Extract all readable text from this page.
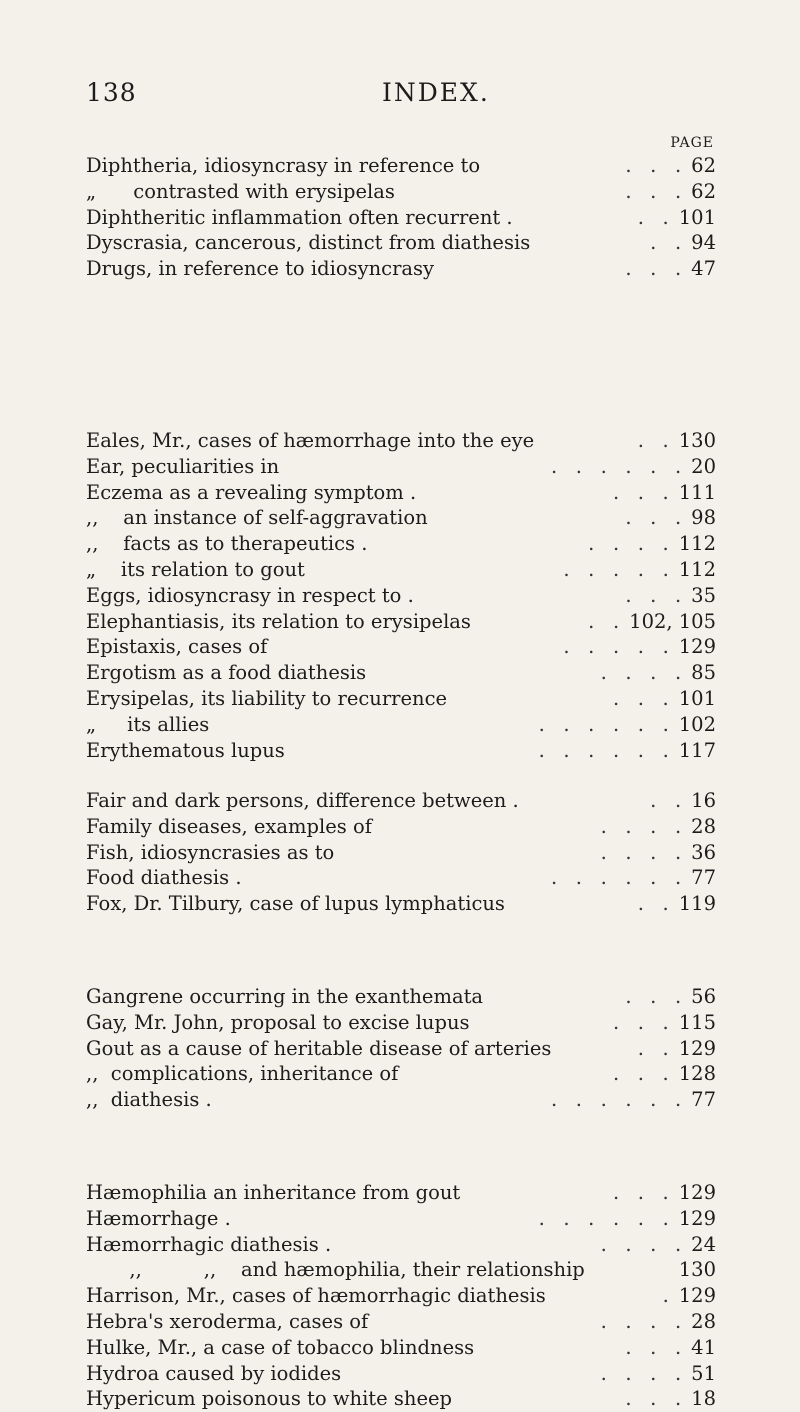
138	INDEX.
PAGE
Diphtheria, idiosyncrasy in reference to	.   .   . 62
„      contrasted with erysipelas	.   .   . 62
Diphtheritic inflammation often recurrent .	.   . 101
Dyscrasia, cancerous, distinct from diathesis	.   . 94
Drugs, in reference to idiosyncrasy	.   .   . 47
Eales, Mr., cases of hæmorrhage into the eye	.   . 130
Ear, peculiarities in	.   .   .   .   .   . 20
Eczema as a revealing symptom .	.   .   . 111
,,    an instance of self-aggravation	.   .   . 98
,,    facts as to therapeutics .	.   .   .   . 112
„    its relation to gout	.   .   .   .   . 112
Eggs, idiosyncrasy in respect to .	.   .   . 35
Elephantiasis, its relation to erysipelas	.   . 102, 105
Epistaxis, cases of	.   .   .   .   . 129
Ergotism as a food diathesis	.   .   .   . 85
Erysipelas, its liability to recurrence	.   .   . 101
„     its allies	.   .   .   .   .   . 102
Erythematous lupus	.   .   .   .   .   . 117
Fair and dark persons, difference between .	.   . 16
Family diseases, examples of	.   .   .   . 28
Fish, idiosyncrasies as to	.   .   .   . 36
Food diathesis .	.   .   .   .   .   . 77
Fox, Dr. Tilbury, case of lupus lymphaticus	.   . 119
Gangrene occurring in the exanthemata	.   .   . 56
Gay, Mr. John, proposal to excise lupus	.   .   . 115
Gout as a cause of heritable disease of arteries	.   . 129
,,  complications, inheritance of	.   .   . 128
,,  diathesis .	.   .   .   .   .   . 77
Hæmophilia an inheritance from gout	.   .   . 129
Hæmorrhage .	.   .   .   .   .   . 129
Hæmorrhagic diathesis .	.   .   .   . 24
,,          ,,    and hæmophilia, their relationship	130
Harrison, Mr., cases of hæmorrhagic diathesis	. 129
Hebra's xeroderma, cases of	.   .   .   . 28
Hulke, Mr., a case of tobacco blindness	.   .   . 41
Hydroa caused by iodides	.   .   .   . 51
Hypericum poisonous to white sheep	.   .   . 18
